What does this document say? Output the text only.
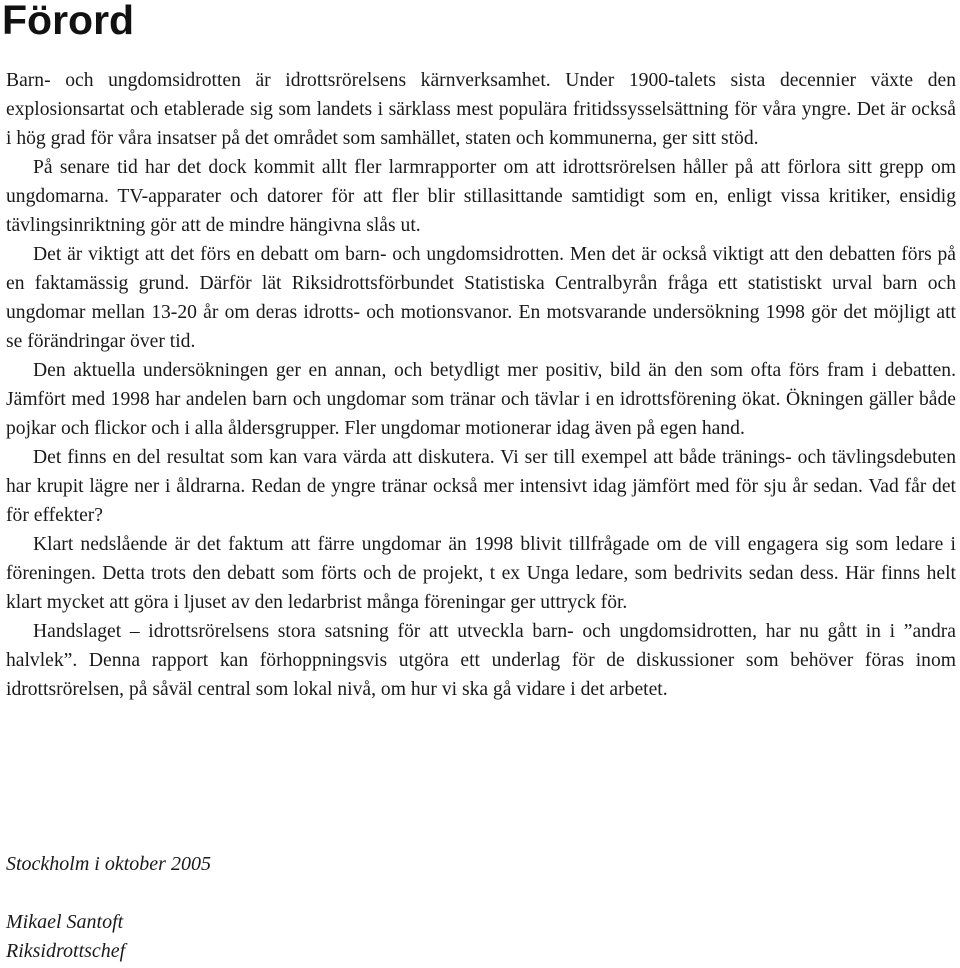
Förord

Barn- och ungdomsidrotten är idrottsrörelsens kärnverksamhet. Under 1900-talets sista decennier växte den explosionsartat och etablerade sig som landets i särklass mest populära fritidssysselsättning för våra yngre. Det är också i hög grad för våra insatser på det området som samhället, staten och kommunerna, ger sitt stöd.

På senare tid har det dock kommit allt fler larmrapporter om att idrottsrörelsen håller på att förlora sitt grepp om ungdomarna. TV-apparater och datorer för att fler blir stillasittande samtidigt som en, enligt vissa kritiker, ensidig tävlingsinriktning gör att de mindre hängivna slås ut.

Det är viktigt att det förs en debatt om barn- och ungdomsidrotten. Men det är också viktigt att den debatten förs på en faktamässig grund. Därför lät Riksidrottsförbundet Statistiska Centralbyrån fråga ett statistiskt urval barn och ungdomar mellan 13-20 år om deras idrotts- och motionsvanor. En motsvarande undersökning 1998 gör det möjligt att se förändringar över tid.

Den aktuella undersökningen ger en annan, och betydligt mer positiv, bild än den som ofta förs fram i debatten. Jämfört med 1998 har andelen barn och ungdomar som tränar och tävlar i en idrottsförening ökat. Ökningen gäller både pojkar och flickor och i alla åldersgrupper. Fler ungdomar motionerar idag även på egen hand.

Det finns en del resultat som kan vara värda att diskutera. Vi ser till exempel att både tränings- och tävlingsdebuten har krupit lägre ner i åldrarna. Redan de yngre tränar också mer intensivt idag jämfört med för sju år sedan. Vad får det för effekter?

Klart nedslående är det faktum att färre ungdomar än 1998 blivit tillfrågade om de vill engagera sig som ledare i föreningen. Detta trots den debatt som förts och de projekt, t ex Unga ledare, som bedrivits sedan dess. Här finns helt klart mycket att göra i ljuset av den ledarbrist många föreningar ger uttryck för.

Handslaget – idrottsrörelsens stora satsning för att utveckla barn- och ungdomsidrotten, har nu gått in i ”andra halvlek”. Denna rapport kan förhoppningsvis utgöra ett underlag för de diskussioner som behöver föras inom idrottsrörelsen, på såväl central som lokal nivå, om hur vi ska gå vidare i det arbetet.

Stockholm i oktober 2005
Mikael Santoft
Riksidrottschef
